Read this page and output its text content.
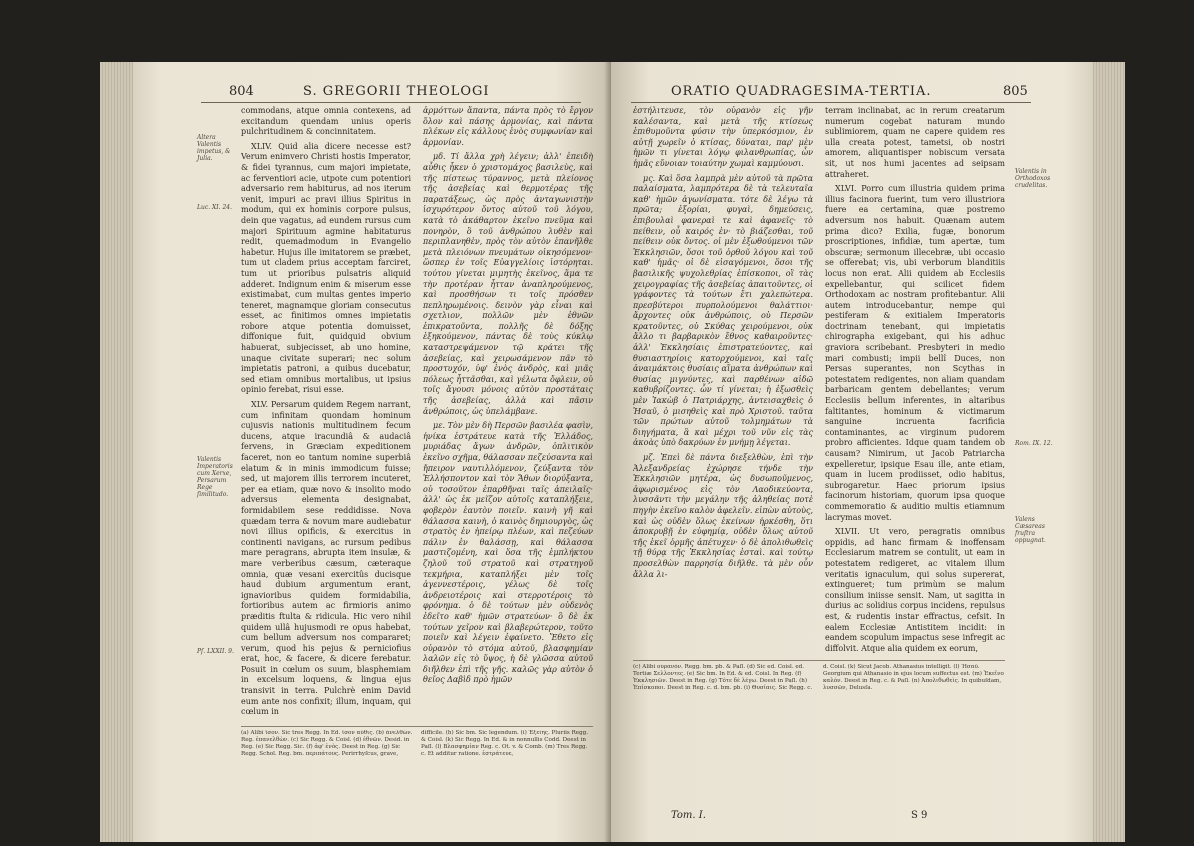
804	S. GREGORII THEOLOGI
Altera Valentis impetus, & Julia.
Luc. XI. 24.
Valentis Imperatoris cum Xerxe, Persarum Rege ſimilitudo.
Pſ. LXXII. 9.

commodans, atque omnia contexens, ad excitandum quendam unius operis pulchritudinem & concinnitatem.

XLIV. Quid alia dicere necesse est? Verum enimvero Christi hostis Imperator, & fidei tyrannus, cum majori impietate, ac ferventiori acie, utpote cum potentiori adversario rem habiturus, ad nos iterum venit, impuri ac pravi illius Spiritus in modum, qui ex hominis corpore pulsus, dein que vagatus, ad eundem rursus cum majori Spirituum agmine habitaturus redit, quemadmodum in Evangelio habetur. Hujus ille imitatorem se præbet, tum ut cladem prius acceptam farciret, tum ut prioribus pulsatris aliquid adderet. Indignum enim & miserum esse existimabat, cum multas gentes imperio teneret, magnamque gloriam consecutus esset, ac finitimos omnes impietatis robore atque potentia domuisset, diffonique fuit, quidquid obvium habuerat, subjecisset, ab uno homine, unaque civitate superari; nec solum impietatis patroni, a quibus ducebatur, sed etiam omnibus mortalibus, ut ipsius opinio ferebat, risui esse.

XLV. Persarum quidem Regem narrant, cum infinitam quondam hominum cujusvis nationis multitudinem fecum ducens, atque iracundiâ & audaciâ fervens, in Græciam expeditionem faceret, non eo tantum nomine superbiâ elatum & in minis immodicum fuisse; sed, ut majorem illis terrorem incuteret, per ea etiam, quæ novo & insolito modo adversus elementa designabat, formidabilem sese reddidisse. Nova quædam terra & novum mare audiebatur novi illius opificis, & exercitus in continenti navigans, ac rursum pedibus mare peragrans, abrupta item insulæ, & mare verberibus cæsum, cæteraque omnia, quæ vesani exercitûs ducisque haud dubium argumentum erant, ignavioribus quidem formidabilia, fortioribus autem ac firmioris animo præditis ftulta & ridicula. Hic vero nihil quidem ullâ hujusmodi re opus habebat, cum bellum adversum nos compararet; verum, quod his pejus & perniciofius erat, hoc, & facere, & dicere ferebatur. Posuit in cœlum os suum, blasphemiam in excelsum loquens, & lingua ejus transivit in terra. Pulchrè enim David eum ante nos confixit; illum, inquam, qui cœlum in

ἁρμόττων ἅπαντα, πάντα πρὸς τὸ ἔργον ὅλον καὶ πάσης ἁρμονίας, καὶ πάντα πλέκων εἰς κάλλους ἑνὸς συμφωνίαν καὶ ἁρμονίαν.

μδ. Τί ἄλλα χρὴ λέγειν; ἀλλ' ἐπειδὴ αὖθις ἧκεν ὁ χριστομάχος βασιλεὺς, καὶ τῆς πίστεως τύραννος, μετὰ πλείονος τῆς ἀσεβείας καὶ θερμοτέρας τῆς παρατάξεως, ὡς πρὸς ἀνταγωνιστὴν ἰσχυρότερον ὄντος αὐτοῦ τοῦ λόγου, κατὰ τὸ ἀκάθαρτον ἐκεῖνο πνεῦμα καὶ πονηρὸν, ὃ τοῦ ἀνθρώπου λυθὲν καὶ περιπλανηθὲν, πρὸς τὸν αὐτὸν ἐπανῆλθε μετὰ πλειόνων πνευμάτων οἰκησόμενον· ὥσπερ ἐν τοῖς Εὐαγγελίοις ἱστόρηται. τούτου γίνεται μιμητὴς ἐκεῖνος, ἅμα τε τὴν προτέραν ἧτταν ἀναπληρούμενος, καὶ προσθήσων τι τοῖς πρόσθεν πεπληρωμένοις. δεινὸν γὰρ εἶναι καὶ σχετλιον, πολλῶν μὲν ἐθνῶν ἐπικρατοῦντα, πολλῆς δὲ δόξης ἐξηκούμενον, πάντας δὲ τοὺς κύκλῳ καταστρεψάμενον τῷ κράτει τῆς ἀσεβείας, καὶ χειρωσάμενον πᾶν τὸ προστυχόν, ὑφ' ἑνὸς ἀνδρὸς, καὶ μιᾶς πόλεως ἧττᾶσθαι, καὶ γέλωτα ὄφλειν, οὐ τοῖς ἄγουσι μόνοις αὐτὸν προστάταις τῆς ἀσεβείας, ἀλλὰ καὶ πᾶσιν ἀνθρώποις, ὡς ὑπελάμβανε.

με. Τὸν μὲν δὴ Περσῶν βασιλέα φασὶν, ἡνίκα ἐστράτευε κατὰ τῆς Ἑλλάδος, μυριάδας ἄγων ἀνδρῶν, ὁπλιτικὸν ἐκεῖνο σχῆμα, θάλασσαν πεζεύσαντα καὶ ἤπειρον ναυτιλλόμενον, ζεύξαντα τὸν Ἑλλήσποντον καὶ τὸν Ἄθων διορύξαντα, οὐ τοσοῦτον ἐπαρθῆναι ταῖς ἀπειλαῖς· ἀλλ' ὡς ἐκ μεῖζον αὐτοῖς καταπλήξειε, φοβερὸν ἑαυτὸν ποιεῖν. καινὴ γῆ καὶ θάλασσα καινὴ, ὁ καινὸς δημιουργὸς, ὡς στρατὸς ἐν ἠπείρῳ πλέων, καὶ πεζεύων πάλιν ἐν θαλάσσῃ, καὶ θάλασσα μαστιζομένη, καὶ ὅσα τῆς ἐμπλήκτου ζηλοῦ τοῦ στρατοῦ καὶ στρατηγοῦ τεκμήρια, καταπλήξει μὲν τοῖς ἀγεννεστέροις, γέλως δὲ τοῖς ἀνδρειοτέροις καὶ στερροτέροις τὸ φρόνημα. ὁ δὲ τούτων μὲν οὐδενὸς ἐδεῖτο καθ' ἡμῶν στρατεύων· ὃ δὲ ἐκ τούτων χεῖρον καὶ βλαβερώτερον, τοῦτο ποιεῖν καὶ λέγειν ἐφαίνετο. Ἔθετο εἰς οὐρανὸν τὸ στόμα αὐτοῦ, βλασφημίαν λαλῶν εἰς τὸ ὕψος, ἡ δὲ γλῶσσα αὐτοῦ διῆλθεν ἐπὶ τῆς γῆς. καλῶς γὰρ αὐτὸν ὁ θεῖος Δαβὶδ πρὸ ἡμῶν

(a) Alibi ἴσον. Sic tres Regg. In Ed. ἴσον αὖθις. (b) ἀνελθὼν. Reg. ἐπανελθὼν. (c) Sic Regg. & Coisl. (d) ἐθνῶν. Desid. in Reg. (e) Sic Regg. Sic. (f) ἀφ' ἑνὸς. Deest in Reg. (g) Sic Regg. Schol. Reg. bm. περιπάτους. Perirrhyſcus, grave, difficile. (h) Sic bm. Sic legendum. (i) Ἐξείης. Pluriis Regg. & Coisl. (k) Sic Regg. In Ed. & in nonnullis Codd. Deest in Paſl. (l) Βλασφημίαν Reg. c. Ot. v. & Comb. (m) Tres Regg. c. Et additur ratione. ἐστράτευε,
ORATIO QUADRAGESIMA-TERTIA.	805

ἐστήλιτευσε, τὸν οὐρανὸν εἰς γῆν καλέσαντα, καὶ μετὰ τῆς κτίσεως ἐπιθυμοῦντα φύσιν τὴν ὑπερκόσμιον, ἐν αὐτῇ χωρεῖν ὁ κτίσας, δύναται, παρ' μὲν ἡμῶν τι γίνεται λόγῳ φιλανθρωπίας, ὧν ἡμᾶς εὔνοιαν τοιαύτην χωμαὶ καμμύουσι.

μς. Καὶ ὅσα λαμπρὰ μὲν αὐτοῦ τὰ πρῶτα παλαίσματα, λαμπρότερα δὲ τὰ τελευταῖα καθ' ἡμῶν ἀγωνίσματα. τότε δὲ λέγω τὰ πρῶτα; ἐξορίαι, φυγαὶ, δημεύσεις, ἐπιβουλαὶ φανεραὶ τε καὶ ἀφανεῖς· τὸ πείθειν, οὗ καιρός ἐν· τὸ βιάζεσθαι, τοῦ πείθειν οὐκ ὄντος. οἱ μὲν ἐξωθούμενοι τῶν Ἐκκλησιῶν, ὅσοι τοῦ ὀρθοῦ λόγου καὶ τοῦ καθ' ἡμᾶς· οἱ δὲ εἰσαγόμενοι, ὅσοι τῆς βασιλικῆς ψυχολεθρίας ἐπίσκοποι, οἳ τὰς χειρογραφίας τῆς ἀσεβείας ἀπαιτοῦντες, οἱ γράφοντες τὰ τούτων ἔτι χαλεπώτερα. πρεσβύτεροι πυρπολούμενοι θαλάττιοι· ἄρχοντες οὐκ ἀνθρώποις, οὐ Περσῶν κρατοῦντες, οὐ Σκύθας χειρούμενοι, οὐκ ἄλλο τι βαρβαρικὸν ἔθνος καθαιροῦντες· ἀλλ' Ἐκκλησίαις ἐπιστρατεύοντες, καὶ θυσιαστηρίοις κατορχούμενοι, καὶ ταῖς ἀναιμάκτοις θυσίαις αἵματα ἀνθρώπων καὶ θυσίας μιγνύντες, καὶ παρθένων αἰδῶ καθυβρίζοντες. ὧν τί γίνεται; ἡ ἐξωσθεὶς μὲν Ἰακὼβ ὁ Πατριάρχης, ἀντεισαχθεὶς ὁ Ἠσαῦ, ὁ μισηθεὶς καὶ πρὸ Χριστοῦ. ταῦτα τῶν πρώτων αὐτοῦ τολμημάτων τὰ διηγήματα, ἃ καὶ μέχρι τοῦ νῦν εἰς τὰς ἀκοὰς ὑπὸ δακρύων ἐν μνήμῃ λέγεται.

μζ. Ἐπεὶ δὲ πάντα διεξελθὼν, ἐπὶ τὴν Ἀλεξανδρείας ἐχώρησε τήνδε τὴν Ἐκκλησιῶν μητέρα, ὡς δυσωποῦμενος, ἀφωρισμένος εἰς τὸν Λαοδικεύοντα, λυσσᾶντι τὴν μεγάλην τῆς ἀληθείας ποτὲ πηγὴν ἐκεῖνο καλὸν ἀφελεῖν. εἰπὼν αὐτοὺς, καὶ ὡς οὐδὲν ὅλως ἐκείνων ἠρκέσθη, ὅτι ἀποκρυβῇ ἐν εὐφημίᾳ, οὐδὲν ὅλως αὐτοῦ τῆς ἐκεῖ ὁρμῆς ἀπέτυχεν· ὁ δὲ ἀπολιθωθεὶς τῇ θύρᾳ τῆς Ἐκκλησίας ἐσταὶ. καὶ τούτῳ προσελθὼν παρρησίᾳ διῆλθε. τὰ μὲν οὖν ἄλλα λι-

terram inclinabat, ac in rerum creatarum numerum cogebat naturam mundo sublimiorem, quam ne capere quidem res ulla creata potest, tametsi, ob nostri amorem, aliquantisper nobiscum versata sit, ut nos humi jacentes ad seipsam attraheret.

XLVI. Porro cum illustria quidem prima illius facinora fuerint, tum vero illustriora fuere ea certamina, quæ postremo adversum nos habuit. Quænam autem prima dico? Exilia, fugæ, bonorum proscriptiones, infidiæ, tum apertæ, tum obscuræ; sermonum illecebræ, ubi occasio se offerebat; vis, ubi verborum blanditiis locus non erat. Alii quidem ab Ecclesiis expellebantur, qui scilicet fidem Orthodoxam ac nostram profitebantur. Alii autem introducebantur, nempe qui pestiferam & exitialem Imperatoris doctrinam tenebant, qui impietatis chirographa exigebant, qui his adhuc graviora scribebant. Presbyteri in medio mari combusti; impii bellî Duces, non Persas superantes, non Scythas in potestatem redigentes, non aliam quandam barbaricam gentem debellantes; verum Ecclesiis bellum inferentes, in altaribus faltitantes, hominum & victimarum sanguine incruenta facrificia contaminantes, ac virginum pudorem probro afficientes. Idque quam tandem ob causam? Nimirum, ut Jacob Patriarcha expelleretur, ipsique Esau ille, ante etiam, quam in lucem prodiisset, odio habitus, subrogaretur. Haec priorum ipsius facinorum historiam, quorum ipsa quoque commemoratio & auditio multis etiamnum lacrymas movet.

XLVII. Ut vero, peragratis omnibus oppidis, ad hanc firmam & inoffensam Ecclesiarum matrem se contulit, ut eam in potestatem redigeret, ac vitalem illum veritatis ignaculum, qui solus supererat, extingueret; tum primùm se malum consilium iniisse sensit. Nam, ut sagitta in durius ac solidius corpus incidens, repulsus est, & rudentis instar effractus, cefsit. In ealem Ecclesiæ Antistitem incidit: in eandem scopulum impactus sese infregit ac diffolvit. Atque alia quidem ex eorum,

Valentis in Orthodoxos crudelitas.
Rom. IX. 12.
Valens Cæsareas fruſtra oppugnat.
(c) Alibi οὐρανόν. Regg. bm. pb. & Paſl. (d) Sic ed. Coisl. ed. Tertiæ Σελλοντες. (e) Sic bm. In Ed. & ed. Coisl. In Reg. (f) Ἐκκλησιῶν. Deest in Reg. (g) Τότε δὲ λέγω. Deest in Paſl. (h) Ἐπίσκοποι. Deest in Reg. c. d. bm. pb. (i) Θυσίαις. Sic Regg. c. d. Coisl. (k) Sicut Jacob. Athanasius intelligit. (l) Ἠσαῦ. Georgium qui Athanasio in ejus locum suffectus est. (m) Ἐκεῖνο καλὸν. Deest in Reg. c. & Paſl. (n) Ἀπολιθωθεὶς. In quibuſdam, λυσσῶν, Delusſa.
Tom. I.	S 9
